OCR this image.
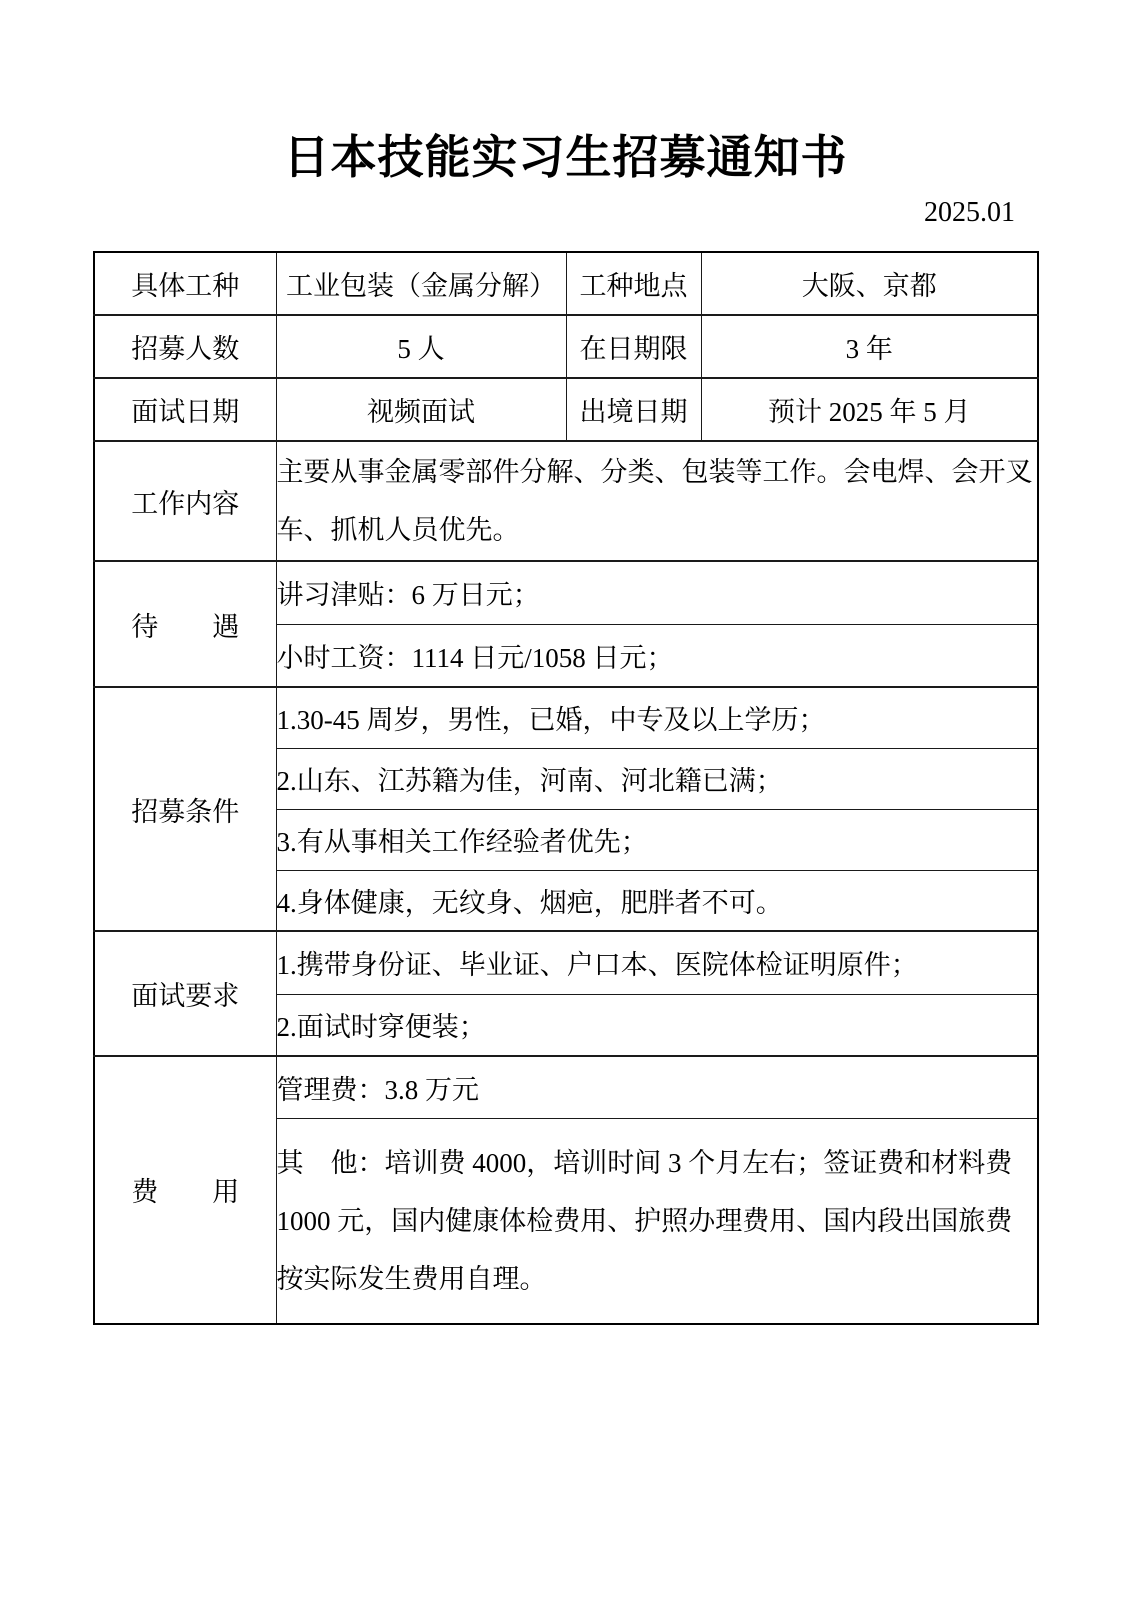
日本技能实习生招募通知书
2025.01
具体工种	工业包装（金属分解）	工种地点	大阪、京都
招募人数	5 人	在日期限	3 年
面试日期	视频面试	出境日期	预计 2025 年 5 月
工作内容	主要从事金属零部件分解、分类、包装等工作。会电焊、会开叉车、抓机人员优先。		
待　　遇	讲习津贴：6 万日元；		
	小时工资：1114 日元/1058 日元；		
招募条件	1.30-45 周岁，男性，已婚，中专及以上学历；		
	2.山东、江苏籍为佳，河南、河北籍已满；		
	3.有从事相关工作经验者优先；		
	4.身体健康，无纹身、烟疤，肥胖者不可。		
面试要求	1.携带身份证、毕业证、户口本、医院体检证明原件；		
	2.面试时穿便装；		
费　　用	管理费：3.8 万元		
	其　他：培训费 4000，培训时间 3 个月左右；签证费和材料费 1000 元，国内健康体检费用、护照办理费用、国内段出国旅费按实际发生费用自理。		
